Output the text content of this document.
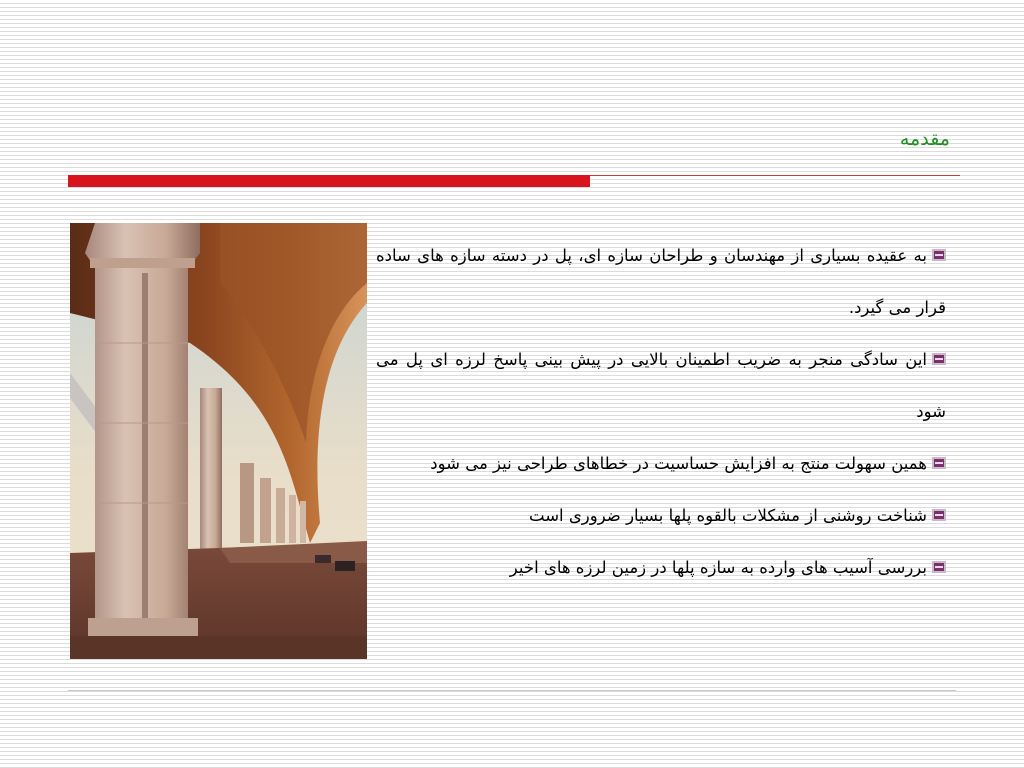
مقدمه

به عقیده بسیاری از مهندسان و طراحان سازه ای، پل در دسته سازه های ساده قرار می گیرد.

این سادگی منجر به ضریب اطمینان بالایی در پیش بینی پاسخ لرزه ای پل می شود

همین سهولت منتج به افزایش حساسیت در خطاهای طراحی نیز می شود

شناخت روشنی از مشکلات بالقوه پلها بسیار ضروری است

بررسی آسیب های وارده به سازه پلها در زمین لرزه های اخیر
